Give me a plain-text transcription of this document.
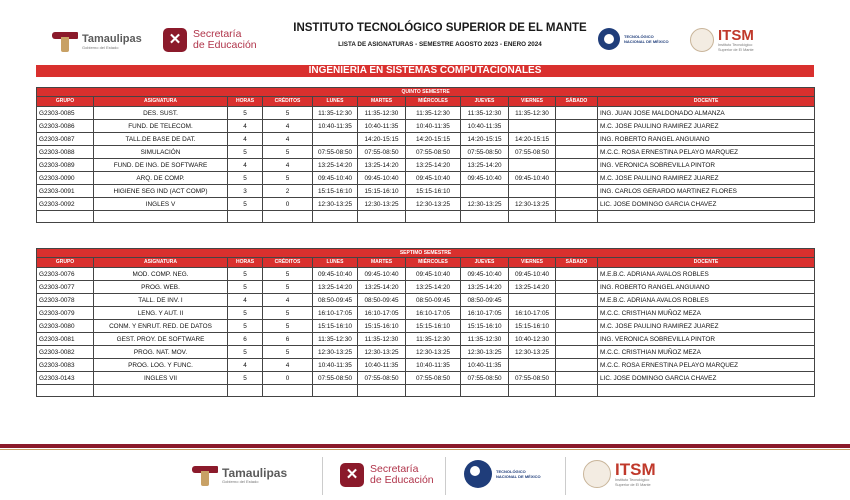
Tamaulipas
Gobierno del Estado	✕	Secretaría
de Educación
INSTITUTO TECNOLÓGICO SUPERIOR DE EL MANTE
LISTA DE ASIGNATURAS - SEMESTRE AGOSTO 2023 - ENERO 2024
TECNOLÓGICO
NACIONAL DE MÉXICO	ITSM
Instituto Tecnológico
Superior de El Mante
INGENIERÍA EN SISTEMAS COMPUTACIONALES
QUINTO SEMESTRE										
GRUPO	ASIGNATURA	HORAS	CRÉDITOS	LUNES	MARTES	MIÉRCOLES	JUEVES	VIERNES	SÁBADO	DOCENTE
G2303-0085	DES. SUST.	5	5	11:35-12:30	11:35-12:30	11:35-12:30	11:35-12:30	11:35-12:30		ING. JUAN JOSE MALDONADO ALMANZA
G2303-0086	FUND. DE TELECOM.	4	4	10:40-11:35	10:40-11:35	10:40-11:35	10:40-11:35			M.C. JOSE PAULINO RAMIREZ JUAREZ
G2303-0087	TALL.DE BASE DE DAT.	4	4		14:20-15:15	14:20-15:15	14:20-15:15	14:20-15:15		ING. ROBERTO RANGEL ANGUIANO
G2303-0088	SIMULACIÓN	5	5	07:55-08:50	07:55-08:50	07:55-08:50	07:55-08:50	07:55-08:50		M.C.C. ROSA ERNESTINA PELAYO MARQUEZ
G2303-0089	FUND. DE ING. DE SOFTWARE	4	4	13:25-14:20	13:25-14:20	13:25-14:20	13:25-14:20			ING. VERONICA SOBREVILLA PINTOR
G2303-0090	ARQ. DE COMP.	5	5	09:45-10:40	09:45-10:40	09:45-10:40	09:45-10:40	09:45-10:40		M.C. JOSE PAULINO RAMIREZ JUAREZ
G2303-0091	HIGIENE SEG IND (ACT COMP)	3	2	15:15-16:10	15:15-16:10	15:15-16:10				ING. CARLOS GERARDO MARTINEZ FLORES
G2303-0092	INGLES V	5	0	12:30-13:25	12:30-13:25	12:30-13:25	12:30-13:25	12:30-13:25		LIC. JOSE DOMINGO GARCIA CHAVEZ

SEPTIMO SEMESTRE										
GRUPO	ASIGNATURA	HORAS	CRÉDITOS	LUNES	MARTES	MIÉRCOLES	JUEVES	VIERNES	SÁBADO	DOCENTE
G2303-0076	MOD. COMP. NEG.	5	5	09:45-10:40	09:45-10:40	09:45-10:40	09:45-10:40	09:45-10:40		M.E.B.C. ADRIANA AVALOS ROBLES
G2303-0077	PROG. WEB.	5	5	13:25-14:20	13:25-14:20	13:25-14:20	13:25-14:20	13:25-14:20		ING. ROBERTO RANGEL ANGUIANO
G2303-0078	TALL. DE INV. I	4	4	08:50-09:45	08:50-09:45	08:50-09:45	08:50-09:45			M.E.B.C. ADRIANA AVALOS ROBLES
G2303-0079	LENG. Y AUT. II	5	5	16:10-17:05	16:10-17:05	16:10-17:05	16:10-17:05	16:10-17:05		M.C.C. CRISTHIAN MUÑOZ MEZA
G2303-0080	CONM. Y ENRUT. RED. DE DATOS	5	5	15:15-16:10	15:15-16:10	15:15-16:10	15:15-16:10	15:15-16:10		M.C. JOSE PAULINO RAMIREZ JUAREZ
G2303-0081	GEST. PROY. DE SOFTWARE	6	6	11:35-12:30	11:35-12:30	11:35-12:30	11:35-12:30	10:40-12:30		ING. VERONICA SOBREVILLA PINTOR
G2303-0082	PROG. NAT. MOV.	5	5	12:30-13:25	12:30-13:25	12:30-13:25	12:30-13:25	12:30-13:25		M.C.C. CRISTHIAN MUÑOZ MEZA
G2303-0083	PROG. LOG. Y FUNC.	4	4	10:40-11:35	10:40-11:35	10:40-11:35	10:40-11:35			M.C.C. ROSA ERNESTINA PELAYO MARQUEZ
G2303-0143	INGLES VII	5	0	07:55-08:50	07:55-08:50	07:55-08:50	07:55-08:50	07:55-08:50		LIC. JOSE DOMINGO GARCIA CHAVEZ

Tamaulipas
Gobierno del Estado	✕	Secretaría
de Educación
TECNOLÓGICO
NACIONAL DE MÉXICO	ITSM
Instituto Tecnológico
Superior de El Mante
